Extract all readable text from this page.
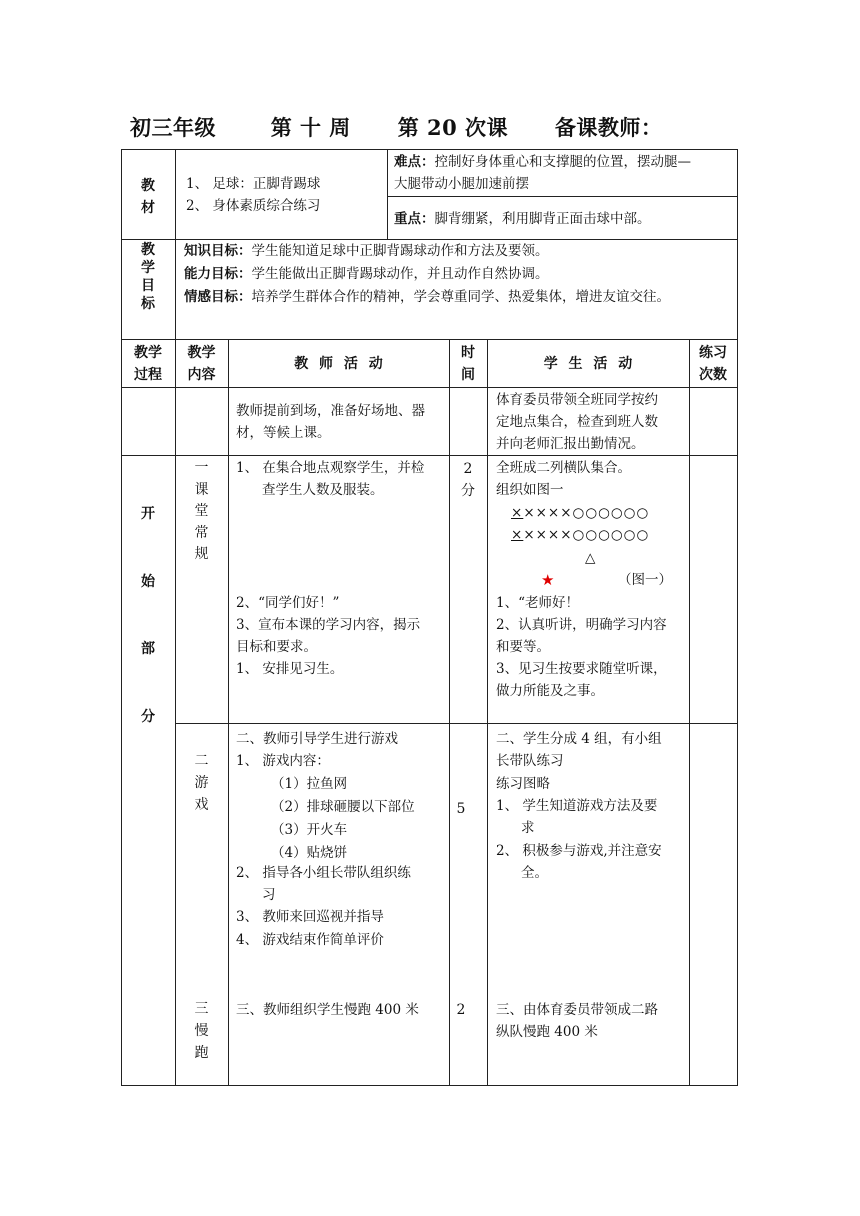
初三年级	第 十 周 第 20 次课 备课教师：
教
材
1、 足球：正脚背踢球
2、 身体素质综合练习
难点：控制好身体重心和支撑腿的位置，摆动腿—
大腿带动小腿加速前摆
重点：脚背绷紧，利用脚背正面击球中部。
教
学
目
标
知识目标：学生能知道足球中正脚背踢球动作和方法及要领。
能力目标：学生能做出正脚背踢球动作，并且动作自然协调。
情感目标：培养学生群体合作的精神，学会尊重同学、热爱集体，增进友谊交往。
教学
过程
教学
内容
教 师 活 动
时
间
学 生 活 动
练习
次数
教师提前到场，准备好场地、器
材，等候上课。
体育委员带领全班同学按约
定地点集合，检查到班人数
并向老师汇报出勤情况。
开
始
部
分
一
课
堂
常
规
1、 在集合地点观察学生，并检
查学生人数及服装。
2、“同学们好！”
3、宣布本课的学习内容，揭示
目标和要求。
1、 安排见习生。
2
分
全班成二列横队集合。
组织如图一
×××××○○○○○○
×××××○○○○○○
△
★	（图一）
1、“老师好！
2、认真听讲，明确学习内容
和要等。
3、见习生按要求随堂听课，
做力所能及之事。
二
游
戏
三
慢
跑
二、教师引导学生进行游戏
1、 游戏内容：
（1）拉鱼网
（2）排球砸腰以下部位
（3）开火车
（4）贴烧饼
2、 指导各小组长带队组织练
习
3、 教师来回巡视并指导
4、 游戏结束作简单评价
三、教师组织学生慢跑 400 米
5
2
二、学生分成 4 组，有小组
长带队练习
练习图略
1、 学生知道游戏方法及要
求
2、 积极参与游戏,并注意安
全。
三、由体育委员带领成二路
纵队慢跑 400 米
